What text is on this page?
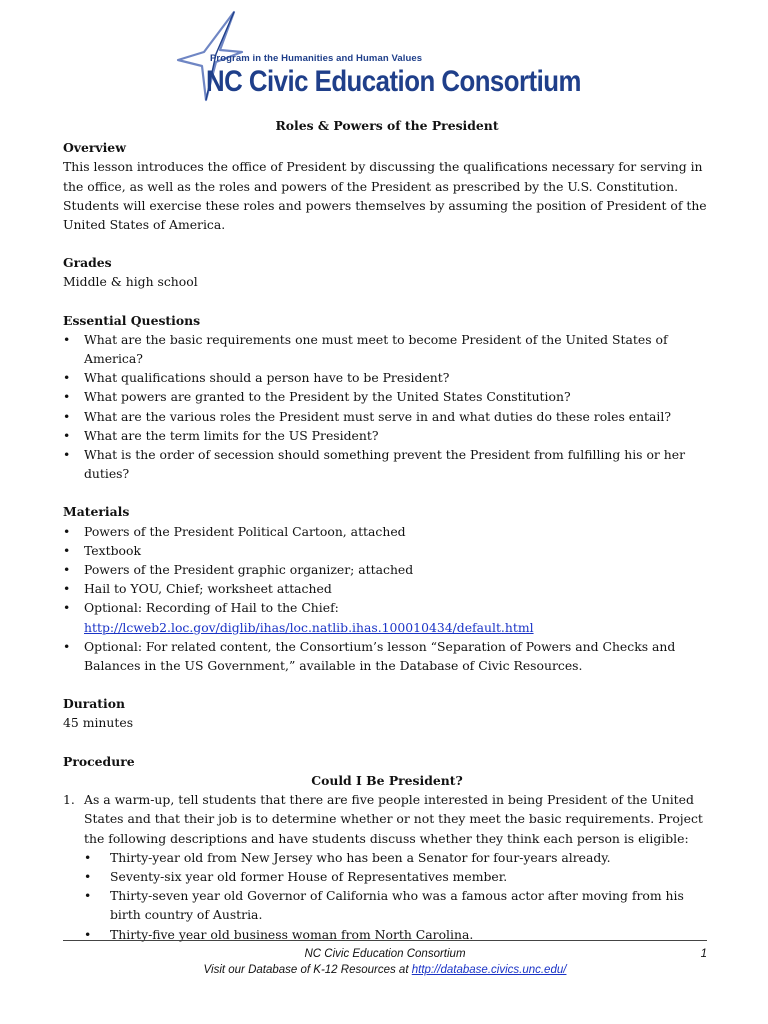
Program in the Humanities and Human Values
NC Civic Education Consortium
Roles & Powers of the President
Overview

This lesson introduces the office of President by discussing the qualifications necessary for serving in the office, as well as the roles and powers of the President as prescribed by the U.S. Constitution. Students will exercise these roles and powers themselves by assuming the position of President of the United States of America.

Grades

Middle & high school

Essential Questions
• What are the basic requirements one must meet to become President of the United States of America?
• What qualifications should a person have to be President?
• What powers are granted to the President by the United States Constitution?
• What are the various roles the President must serve in and what duties do these roles entail?
• What are the term limits for the US President?
• What is the order of secession should something prevent the President from fulfilling his or her duties?
Materials
• Powers of the President Political Cartoon, attached
• Textbook
• Powers of the President graphic organizer; attached
• Hail to YOU, Chief; worksheet attached
• Optional: Recording of Hail to the Chief:
http://lcweb2.loc.gov/diglib/ihas/loc.natlib.ihas.100010434/default.html
• Optional: For related content, the Consortium’s lesson “Separation of Powers and Checks and Balances in the US Government,” available in the Database of Civic Resources.
Duration

45 minutes

Procedure
Could I Be President?
1. As a warm-up, tell students that there are five people interested in being President of the United States and that their job is to determine whether or not they meet the basic requirements. Project the following descriptions and have students discuss whether they think each person is eligible:
• Thirty-year old from New Jersey who has been a Senator for four-years already.
• Seventy-six year old former House of Representatives member.
• Thirty-seven year old Governor of California who was a famous actor after moving from his birth country of Austria.
• Thirty-five year old business woman from North Carolina.
NC Civic Education Consortium
Visit our Database of K-12 Resources at http://database.civics.unc.edu/
1
